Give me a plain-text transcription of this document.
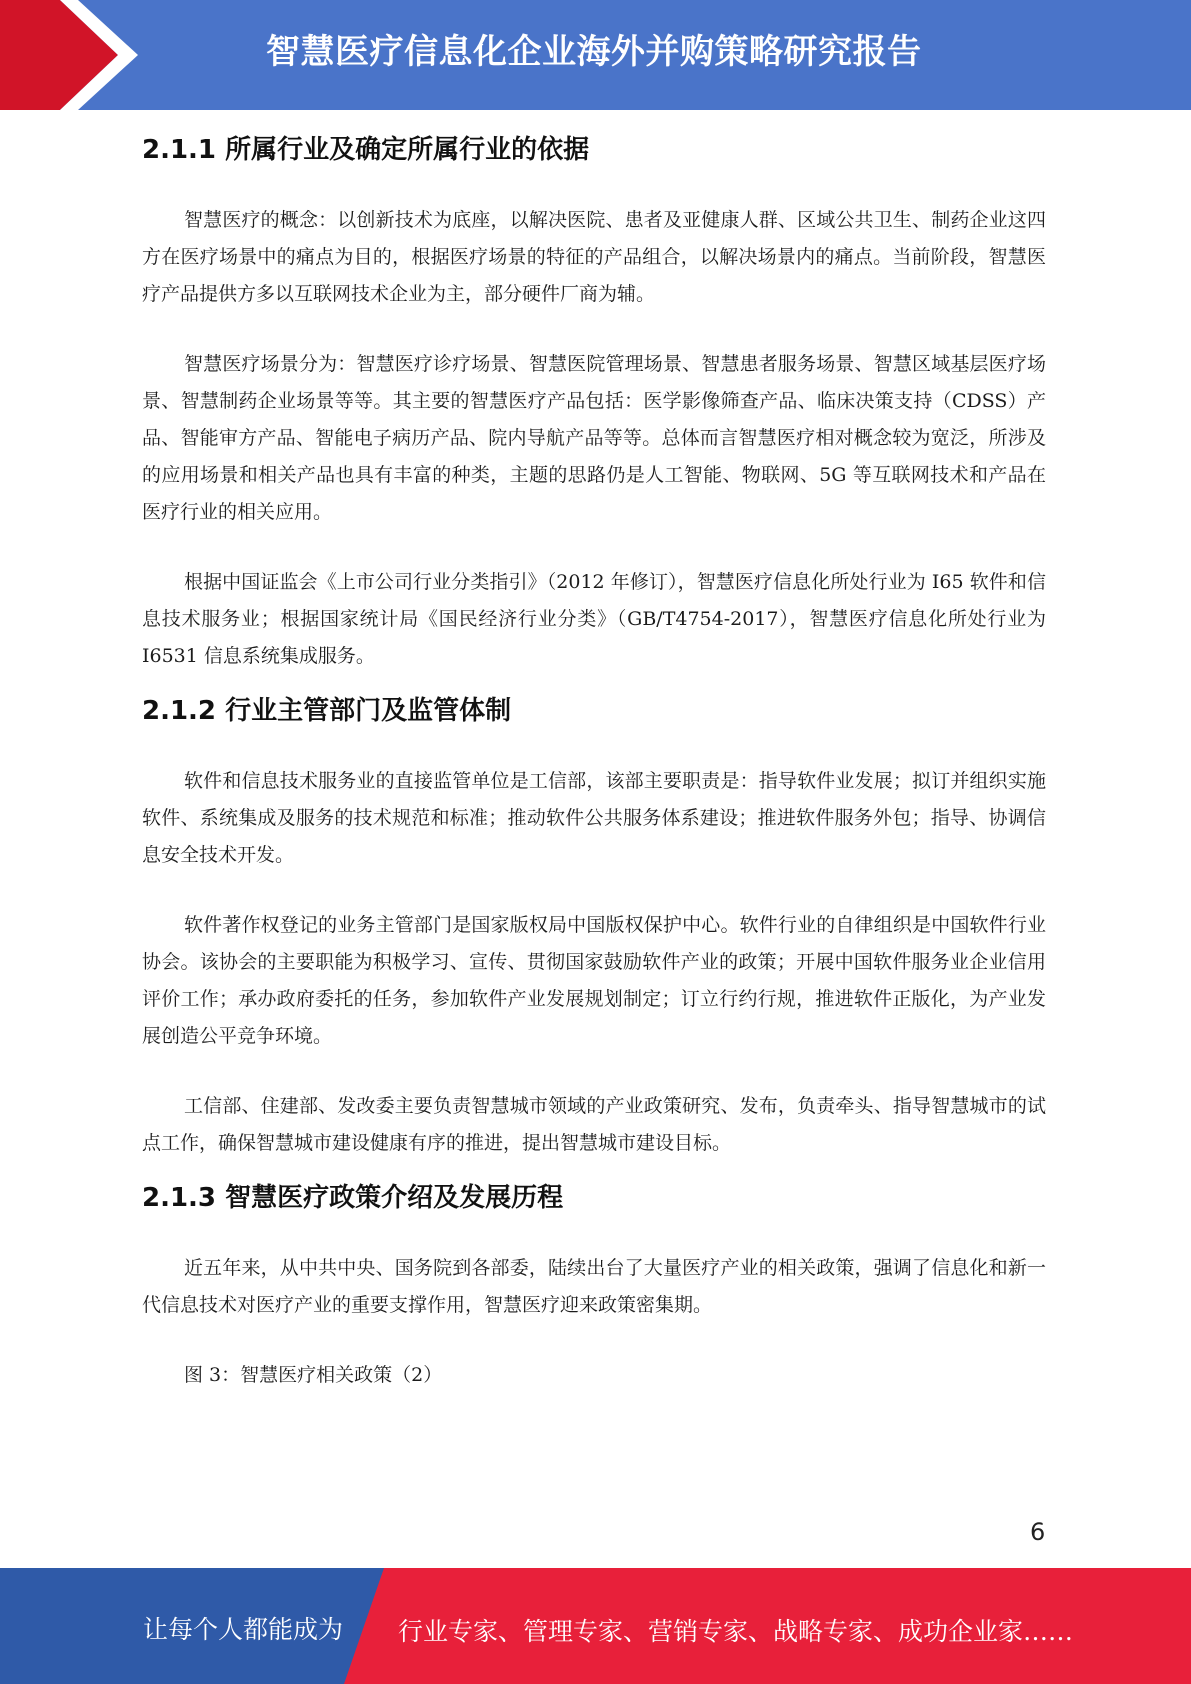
智慧医疗信息化企业海外并购策略研究报告
2.1.1 所属行业及确定所属行业的依据

智慧医疗的概念：以创新技术为底座，以解决医院、患者及亚健康人群、区域公共卫生、制药企业这四方在医疗场景中的痛点为目的，根据医疗场景的特征的产品组合，以解决场景内的痛点。当前阶段，智慧医疗产品提供方多以互联网技术企业为主，部分硬件厂商为辅。

智慧医疗场景分为：智慧医疗诊疗场景、智慧医院管理场景、智慧患者服务场景、智慧区域基层医疗场景、智慧制药企业场景等等。其主要的智慧医疗产品包括：医学影像筛查产品、临床决策支持（CDSS）产品、智能审方产品、智能电子病历产品、院内导航产品等等。总体而言智慧医疗相对概念较为宽泛，所涉及的应用场景和相关产品也具有丰富的种类，主题的思路仍是人工智能、物联网、5G 等互联网技术和产品在医疗行业的相关应用。

根据中国证监会《上市公司行业分类指引》（2012 年修订），智慧医疗信息化所处行业为 I65 软件和信息技术服务业；根据国家统计局《国民经济行业分类》（GB/T4754-2017），智慧医疗信息化所处行业为 I6531 信息系统集成服务。

2.1.2 行业主管部门及监管体制

软件和信息技术服务业的直接监管单位是工信部，该部主要职责是：指导软件业发展；拟订并组织实施软件、系统集成及服务的技术规范和标准；推动软件公共服务体系建设；推进软件服务外包；指导、协调信息安全技术开发。

软件著作权登记的业务主管部门是国家版权局中国版权保护中心。软件行业的自律组织是中国软件行业协会。该协会的主要职能为积极学习、宣传、贯彻国家鼓励软件产业的政策；开展中国软件服务业企业信用评价工作；承办政府委托的任务，参加软件产业发展规划制定；订立行约行规，推进软件正版化，为产业发展创造公平竞争环境。

工信部、住建部、发改委主要负责智慧城市领域的产业政策研究、发布，负责牵头、指导智慧城市的试点工作，确保智慧城市建设健康有序的推进，提出智慧城市建设目标。

2.1.3 智慧医疗政策介绍及发展历程

近五年来，从中共中央、国务院到各部委，陆续出台了大量医疗产业的相关政策，强调了信息化和新一代信息技术对医疗产业的重要支撑作用，智慧医疗迎来政策密集期。

图 3：智慧医疗相关政策（2）

6
让每个人都能成为 行业专家、管理专家、营销专家、战略专家、成功企业家……
